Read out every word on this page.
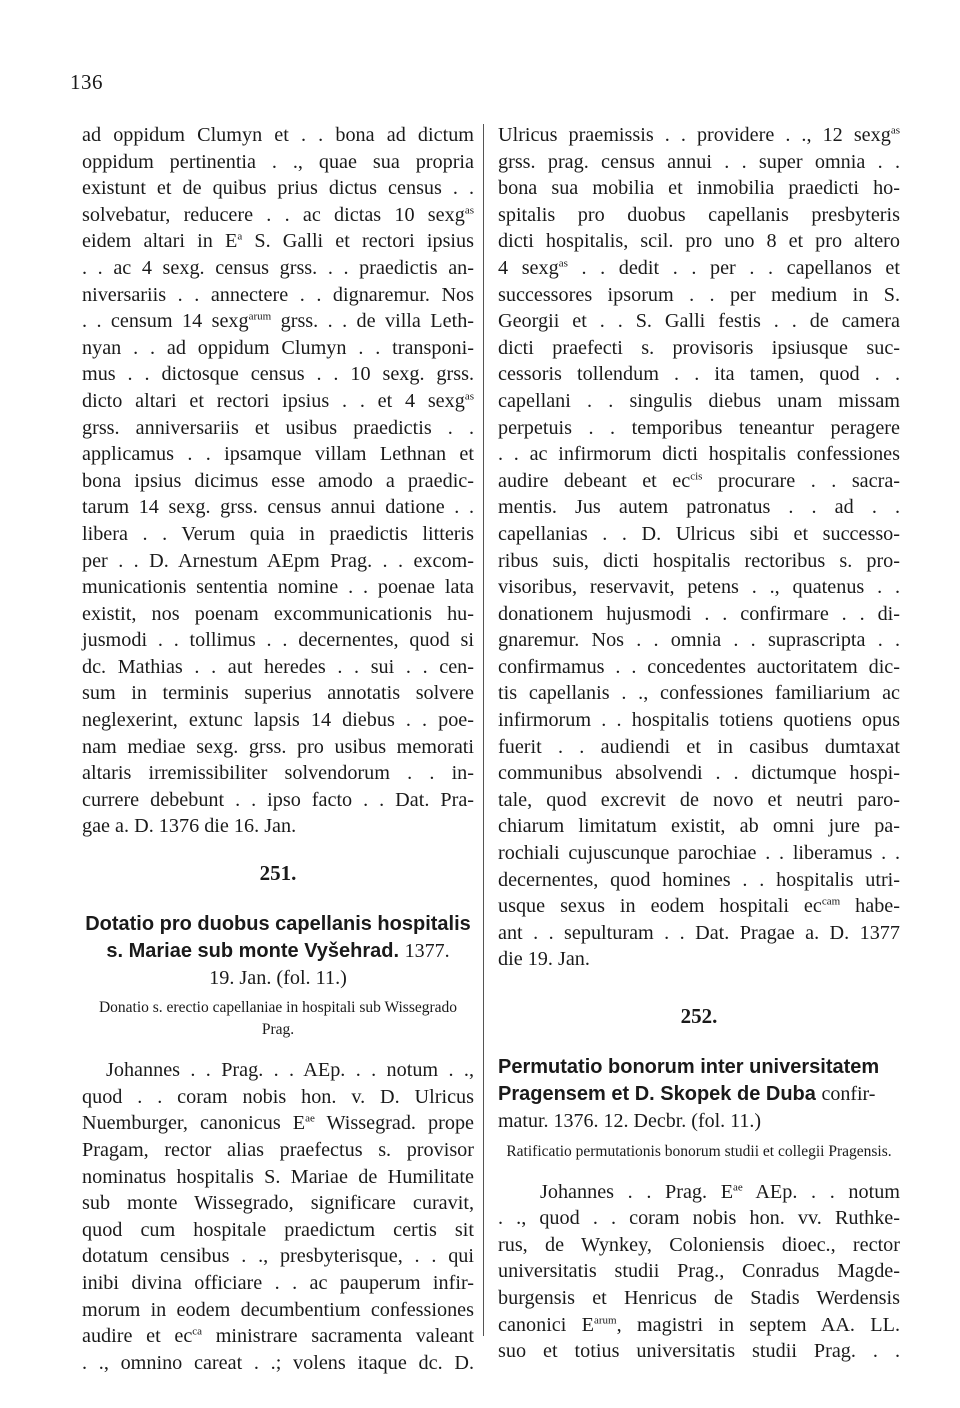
136
ad oppidum Clumyn et . . bona ad dictum
oppidum pertinentia . ., quae sua propria
existunt et de quibus prius dictus census . .
solvebatur, reducere . . ac dictas 10 sexg$^{as}$
eidem altari in $E^a$ S. Galli et rectori ipsius
. . ac 4 sexg. census grss. . . praedictis an-
niversariis . . annectere . . dignaremur. Nos
. . censum 14 sexg$^{arum}$ grss. . . de villa Leth-
nyan . . ad oppidum Clumyn . . transponi-
mus . . dictosque census . . 10 sexg. grss.
dicto altari et rectori ipsius . . et 4 sexg$^{as}$
grss. anniversariis et usibus praedictis . .
applicamus . . ipsamque villam Lethnan et
bona ipsius dicimus esse amodo a praedic-
tarum 14 sexg. grss. census annui datione . .
libera . . Verum quia in praedictis litteris
per . . D. Arnestum AEpm Prag. . . excom-
municationis sententia nomine . . poenae lata
existit, nos poenam excommunicationis hu-
jusmodi . . tollimus . . decernentes, quod si
dc. Mathias . . aut heredes . . sui . . cen-
sum in terminis superius annotatis solvere
neglexerint, extunc lapsis 14 diebus . . poe-
nam mediae sexg. grss. pro usibus memorati
altaris irremissibiliter solvendorum . . in-
currere debebunt . . ipso facto . . Dat. Pra-
gae a. D. 1376 die 16. Jan.
251.
Dotatio pro duobus capellanis hospitalis s. Mariae sub monte Vyšehrad. 1377.
19. Jan. (fol. 11.)
Donatio s. erectio capellaniae in hospitali sub Wissegrado Prag.
Johannes . . Prag. . . AEp. . . notum . .,
quod . . coram nobis hon. v. D. Ulricus
Nuemburger, canonicus $E^{ae}$ Wissegrad. prope
Pragam, rector alias praefectus s. provisor
nominatus hospitalis S. Mariae de Humilitate
sub monte Wissegrado, significare curavit,
quod cum hospitale praedictum certis sit
dotatum censibus . ., presbyterisque, . . qui
inibi divina officiare . . ac pauperum infir-
morum in eodem decumbentium confessiones
audire et $ec^{ca}$ ministrare sacramenta valeant
. ., omnino careat . .; volens itaque dc. D.
Ulricus praemissis . . providere . ., 12 sexg$^{as}$
grss. prag. census annui . . super omnia . .
bona sua mobilia et inmobilia praedicti ho-
spitalis pro duobus capellanis presbyteris
dicti hospitalis, scil. pro uno 8 et pro altero
4 sexg$^{as}$ . . dedit . . per . . capellanos et
successores ipsorum . . per medium in S.
Georgii et . . S. Galli festis . . de camera
dicti praefecti s. provisoris ipsiusque suc-
cessoris tollendum . . ita tamen, quod . .
capellani . . singulis diebus unam missam
perpetuis . . temporibus teneantur peragere
. . ac infirmorum dicti hospitalis confessiones
audire debeant et $ec^{cis}$ procurare . . sacra-
mentis. Jus autem patronatus . . ad . .
capellanias . . D. Ulricus sibi et successo-
ribus suis, dicti hospitalis rectoribus s. pro-
visoribus, reservavit, petens . ., quatenus . .
donationem hujusmodi . . confirmare . . di-
gnaremur. Nos . . omnia . . suprascripta . .
confirmamus . . concedentes auctoritatem dic-
tis capellanis . ., confessiones familiarium ac
infirmorum . . hospitalis totiens quotiens opus
fuerit . . audiendi et in casibus dumtaxat
communibus absolvendi . . dictumque hospi-
tale, quod excrevit de novo et neutri paro-
chiarum limitatum existit, ab omni jure pa-
rochiali cujuscunque parochiae . . liberamus . .
decernentes, quod homines . . hospitalis utri-
usque sexus in eodem hospitali $ec^{cam}$ habe-
ant . . sepulturam . . Dat. Pragae a. D. 1377
die 19. Jan.
252.
Permutatio bonorum inter universitatem Pragensem et D. Skopek de Duba confir- matur. 1376. 12. Decbr. (fol. 11.)
Ratificatio permutationis bonorum studii et collegii Pragensis.
Johannes . . Prag. $E^{ae}$ AEp. . . notum
. ., quod . . coram nobis hon. vv. Ruthke-
rus, de Wynkey, Coloniensis dioec., rector
universitatis studii Prag., Conradus Magde-
burgensis et Henricus de Stadis Werdensis
canonici $E^{arum}$, magistri in septem AA. LL.
suo et totius universitatis studii Prag. . .
